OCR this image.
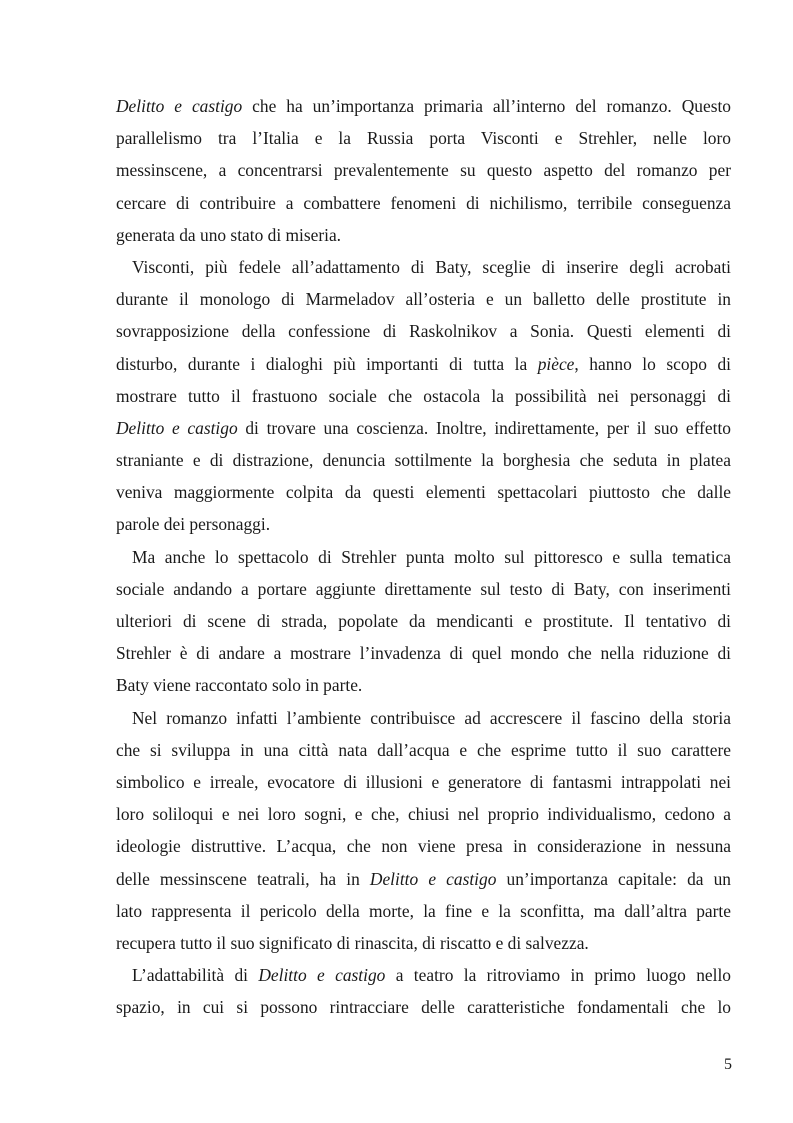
Delitto e castigo che ha un’importanza primaria all’interno del romanzo. Questo
parallelismo tra l’Italia e la Russia porta Visconti e Strehler, nelle loro
messinscene, a concentrarsi prevalentemente su questo aspetto del romanzo per
cercare di contribuire a combattere fenomeni di nichilismo, terribile conseguenza
generata da uno stato di miseria.
Visconti, più fedele all’adattamento di Baty, sceglie di inserire degli acrobati
durante il monologo di Marmeladov all’osteria e un balletto delle prostitute in
sovrapposizione della confessione di Raskolnikov a Sonia. Questi elementi di
disturbo, durante i dialoghi più importanti di tutta la pièce, hanno lo scopo di
mostrare tutto il frastuono sociale che ostacola la possibilità nei personaggi di
Delitto e castigo di trovare una coscienza. Inoltre, indirettamente, per il suo effetto
straniante e di distrazione, denuncia sottilmente la borghesia che seduta in platea
veniva maggiormente colpita da questi elementi spettacolari piuttosto che dalle
parole dei personaggi.
Ma anche lo spettacolo di Strehler punta molto sul pittoresco e sulla tematica
sociale andando a portare aggiunte direttamente sul testo di Baty, con inserimenti
ulteriori di scene di strada, popolate da mendicanti e prostitute. Il tentativo di
Strehler è di andare a mostrare l’invadenza di quel mondo che nella riduzione di
Baty viene raccontato solo in parte.
Nel romanzo infatti l’ambiente contribuisce ad accrescere il fascino della storia
che si sviluppa in una città nata dall’acqua e che esprime tutto il suo carattere
simbolico e irreale, evocatore di illusioni e generatore di fantasmi intrappolati nei
loro soliloqui e nei loro sogni, e che, chiusi nel proprio individualismo, cedono a
ideologie distruttive. L’acqua, che non viene presa in considerazione in nessuna
delle messinscene teatrali, ha in Delitto e castigo un’importanza capitale: da un
lato rappresenta il pericolo della morte, la fine e la sconfitta, ma dall’altra parte
recupera tutto il suo significato di rinascita, di riscatto e di salvezza.
L’adattabilità di Delitto e castigo a teatro la ritroviamo in primo luogo nello
spazio, in cui si possono rintracciare delle caratteristiche fondamentali che lo
5
